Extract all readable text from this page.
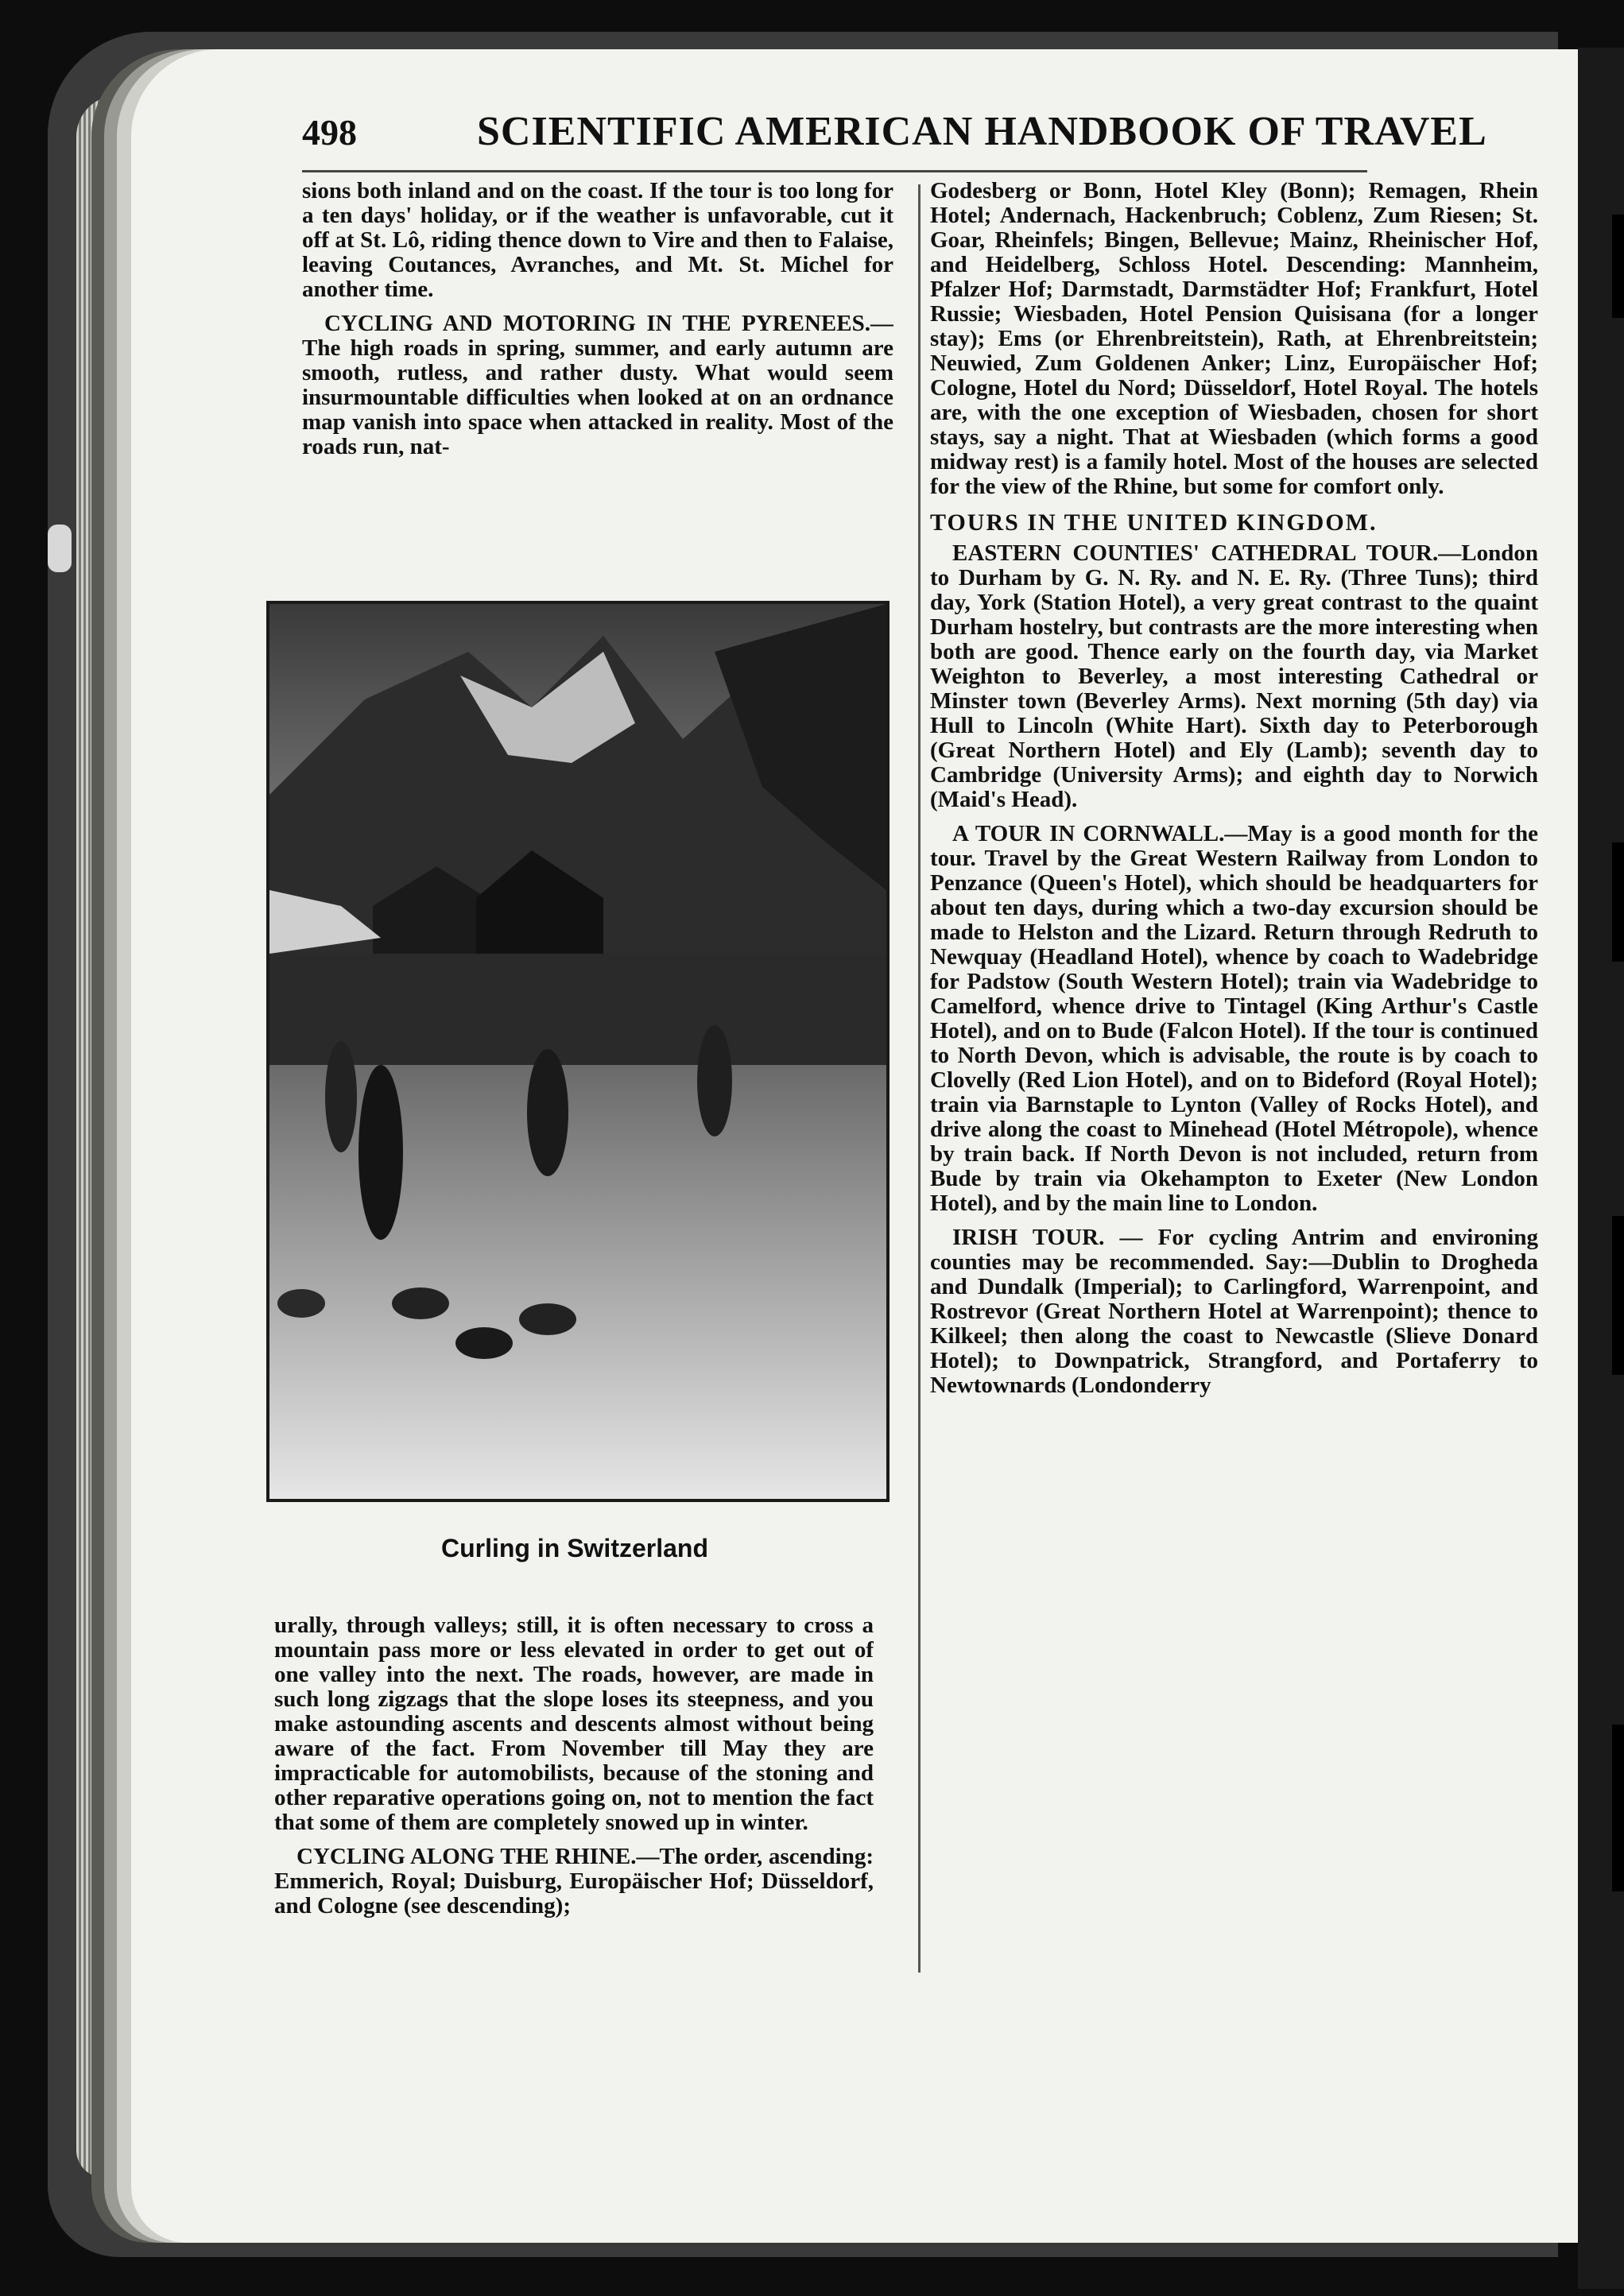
498	SCIENTIFIC AMERICAN HANDBOOK OF TRAVEL

sions both inland and on the coast. If the tour is too long for a ten days' holiday, or if the weather is unfavorable, cut it off at St. Lô, riding thence down to Vire and then to Falaise, leaving Coutances, Avranches, and Mt. St. Michel for another time.

CYCLING AND MOTORING IN THE PYRENEES.—The high roads in spring, summer, and early autumn are smooth, rutless, and rather dusty. What would seem insurmountable difficulties when looked at on an ordnance map vanish into space when attacked in reality. Most of the roads run, nat-

Curling in Switzerland

urally, through valleys; still, it is often necessary to cross a mountain pass more or less elevated in order to get out of one valley into the next. The roads, however, are made in such long zigzags that the slope loses its steepness, and you make astounding ascents and descents almost without being aware of the fact. From November till May they are impracticable for automobilists, because of the stoning and other reparative operations going on, not to mention the fact that some of them are completely snowed up in winter.

CYCLING ALONG THE RHINE.—The order, ascending: Emmerich, Royal; Duisburg, Europäischer Hof; Düsseldorf, and Cologne (see descending);

Godesberg or Bonn, Hotel Kley (Bonn); Remagen, Rhein Hotel; Andernach, Hackenbruch; Coblenz, Zum Riesen; St. Goar, Rheinfels; Bingen, Bellevue; Mainz, Rheinischer Hof, and Heidelberg, Schloss Hotel. Descending: Mannheim, Pfalzer Hof; Darmstadt, Darmstädter Hof; Frankfurt, Hotel Russie; Wiesbaden, Hotel Pension Quisisana (for a longer stay); Ems (or Ehrenbreitstein), Rath, at Ehrenbreitstein; Neuwied, Zum Goldenen Anker; Linz, Europäischer Hof; Cologne, Hotel du Nord; Düsseldorf, Hotel Royal. The hotels are, with the one exception of Wiesbaden, chosen for short stays, say a night. That at Wiesbaden (which forms a good midway rest) is a family hotel. Most of the houses are selected for the view of the Rhine, but some for comfort only.

TOURS IN THE UNITED KINGDOM.

EASTERN COUNTIES' CATHEDRAL TOUR.—London to Durham by G. N. Ry. and N. E. Ry. (Three Tuns); third day, York (Station Hotel), a very great contrast to the quaint Durham hostelry, but contrasts are the more interesting when both are good. Thence early on the fourth day, via Market Weighton to Beverley, a most interesting Cathedral or Minster town (Beverley Arms). Next morning (5th day) via Hull to Lincoln (White Hart). Sixth day to Peterborough (Great Northern Hotel) and Ely (Lamb); seventh day to Cambridge (University Arms); and eighth day to Norwich (Maid's Head).

A TOUR IN CORNWALL.—May is a good month for the tour. Travel by the Great Western Railway from London to Penzance (Queen's Hotel), which should be headquarters for about ten days, during which a two-day excursion should be made to Helston and the Lizard. Return through Redruth to Newquay (Headland Hotel), whence by coach to Wadebridge for Padstow (South Western Hotel); train via Wadebridge to Camelford, whence drive to Tintagel (King Arthur's Castle Hotel), and on to Bude (Falcon Hotel). If the tour is continued to North Devon, which is advisable, the route is by coach to Clovelly (Red Lion Hotel), and on to Bideford (Royal Hotel); train via Barnstaple to Lynton (Valley of Rocks Hotel), and drive along the coast to Minehead (Hotel Métropole), whence by train back. If North Devon is not included, return from Bude by train via Okehampton to Exeter (New London Hotel), and by the main line to London.

IRISH TOUR. — For cycling Antrim and environing counties may be recommended. Say:—Dublin to Drogheda and Dundalk (Imperial); to Carlingford, Warrenpoint, and Rostrevor (Great Northern Hotel at Warrenpoint); thence to Kilkeel; then along the coast to Newcastle (Slieve Donard Hotel); to Downpatrick, Strangford, and Portaferry to Newtownards (Londonderry
